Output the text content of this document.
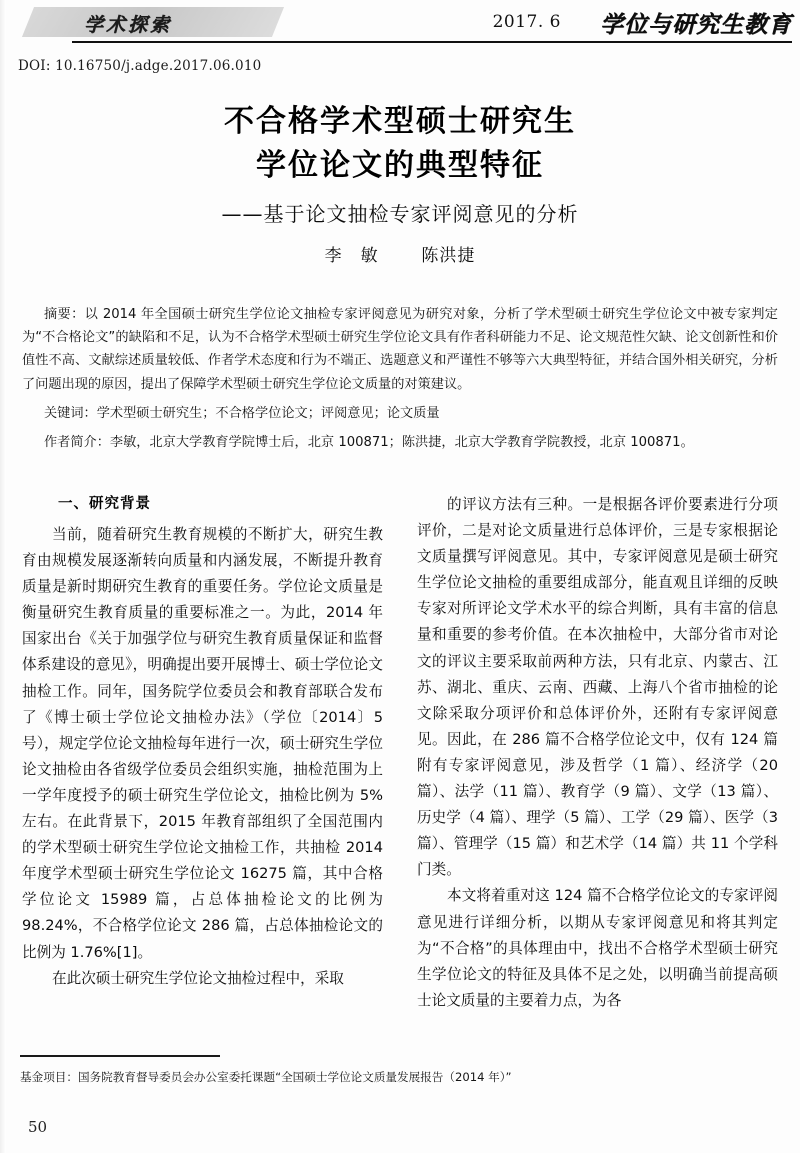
学术探索	2017. 6 学位与研究生教育
DOI: 10.16750/j.adge.2017.06.010
不合格学术型硕士研究生
学位论文的典型特征
——基于论文抽检专家评阅意见的分析
李　敏	陈洪捷
摘要：以 2014 年全国硕士研究生学位论文抽检专家评阅意见为研究对象，分析了学术型硕士研究生学位论文中被专家判定为“不合格论文”的缺陷和不足，认为不合格学术型硕士研究生学位论文具有作者科研能力不足、论文规范性欠缺、论文创新性和价值性不高、文献综述质量较低、作者学术态度和行为不端正、选题意义和严谨性不够等六大典型特征，并结合国外相关研究，分析了问题出现的原因，提出了保障学术型硕士研究生学位论文质量的对策建议。
关键词：学术型硕士研究生；不合格学位论文；评阅意见；论文质量
作者简介：李敏，北京大学教育学院博士后，北京 100871；陈洪捷，北京大学教育学院教授，北京 100871。
一、研究背景

当前，随着研究生教育规模的不断扩大，研究生教育由规模发展逐渐转向质量和内涵发展，不断提升教育质量是新时期研究生教育的重要任务。学位论文质量是衡量研究生教育质量的重要标准之一。为此，2014 年国家出台《关于加强学位与研究生教育质量保证和监督体系建设的意见》，明确提出要开展博士、硕士学位论文抽检工作。同年，国务院学位委员会和教育部联合发布了《博士硕士学位论文抽检办法》（学位〔2014〕5 号），规定学位论文抽检每年进行一次，硕士研究生学位论文抽检由各省级学位委员会组织实施，抽检范围为上一学年度授予的硕士研究生学位论文，抽检比例为 5%左右。在此背景下，2015 年教育部组织了全国范围内的学术型硕士研究生学位论文抽检工作，共抽检 2014 年度学术型硕士研究生学位论文 16275 篇，其中合格学位论文 15989 篇，占总体抽检论文的比例为 98.24%，不合格学位论文 286 篇，占总体抽检论文的比例为 1.76%[1]。

在此次硕士研究生学位论文抽检过程中，采取

的评议方法有三种。一是根据各评价要素进行分项评价，二是对论文质量进行总体评价，三是专家根据论文质量撰写评阅意见。其中，专家评阅意见是硕士研究生学位论文抽检的重要组成部分，能直观且详细的反映专家对所评论文学术水平的综合判断，具有丰富的信息量和重要的参考价值。在本次抽检中，大部分省市对论文的评议主要采取前两种方法，只有北京、内蒙古、江苏、湖北、重庆、云南、西藏、上海八个省市抽检的论文除采取分项评价和总体评价外，还附有专家评阅意见。因此，在 286 篇不合格学位论文中，仅有 124 篇附有专家评阅意见，涉及哲学（1 篇）、经济学（20 篇）、法学（11 篇）、教育学（9 篇）、文学（13 篇）、历史学（4 篇）、理学（5 篇）、工学（29 篇）、医学（3 篇）、管理学（15 篇）和艺术学（14 篇）共 11 个学科门类。

本文将着重对这 124 篇不合格学位论文的专家评阅意见进行详细分析，以期从专家评阅意见和将其判定为“不合格”的具体理由中，找出不合格学术型硕士研究生学位论文的特征及具体不足之处，以明确当前提高硕士论文质量的主要着力点，为各

基金项目：国务院教育督导委员会办公室委托课题“全国硕士学位论文质量发展报告（2014 年）”
50
